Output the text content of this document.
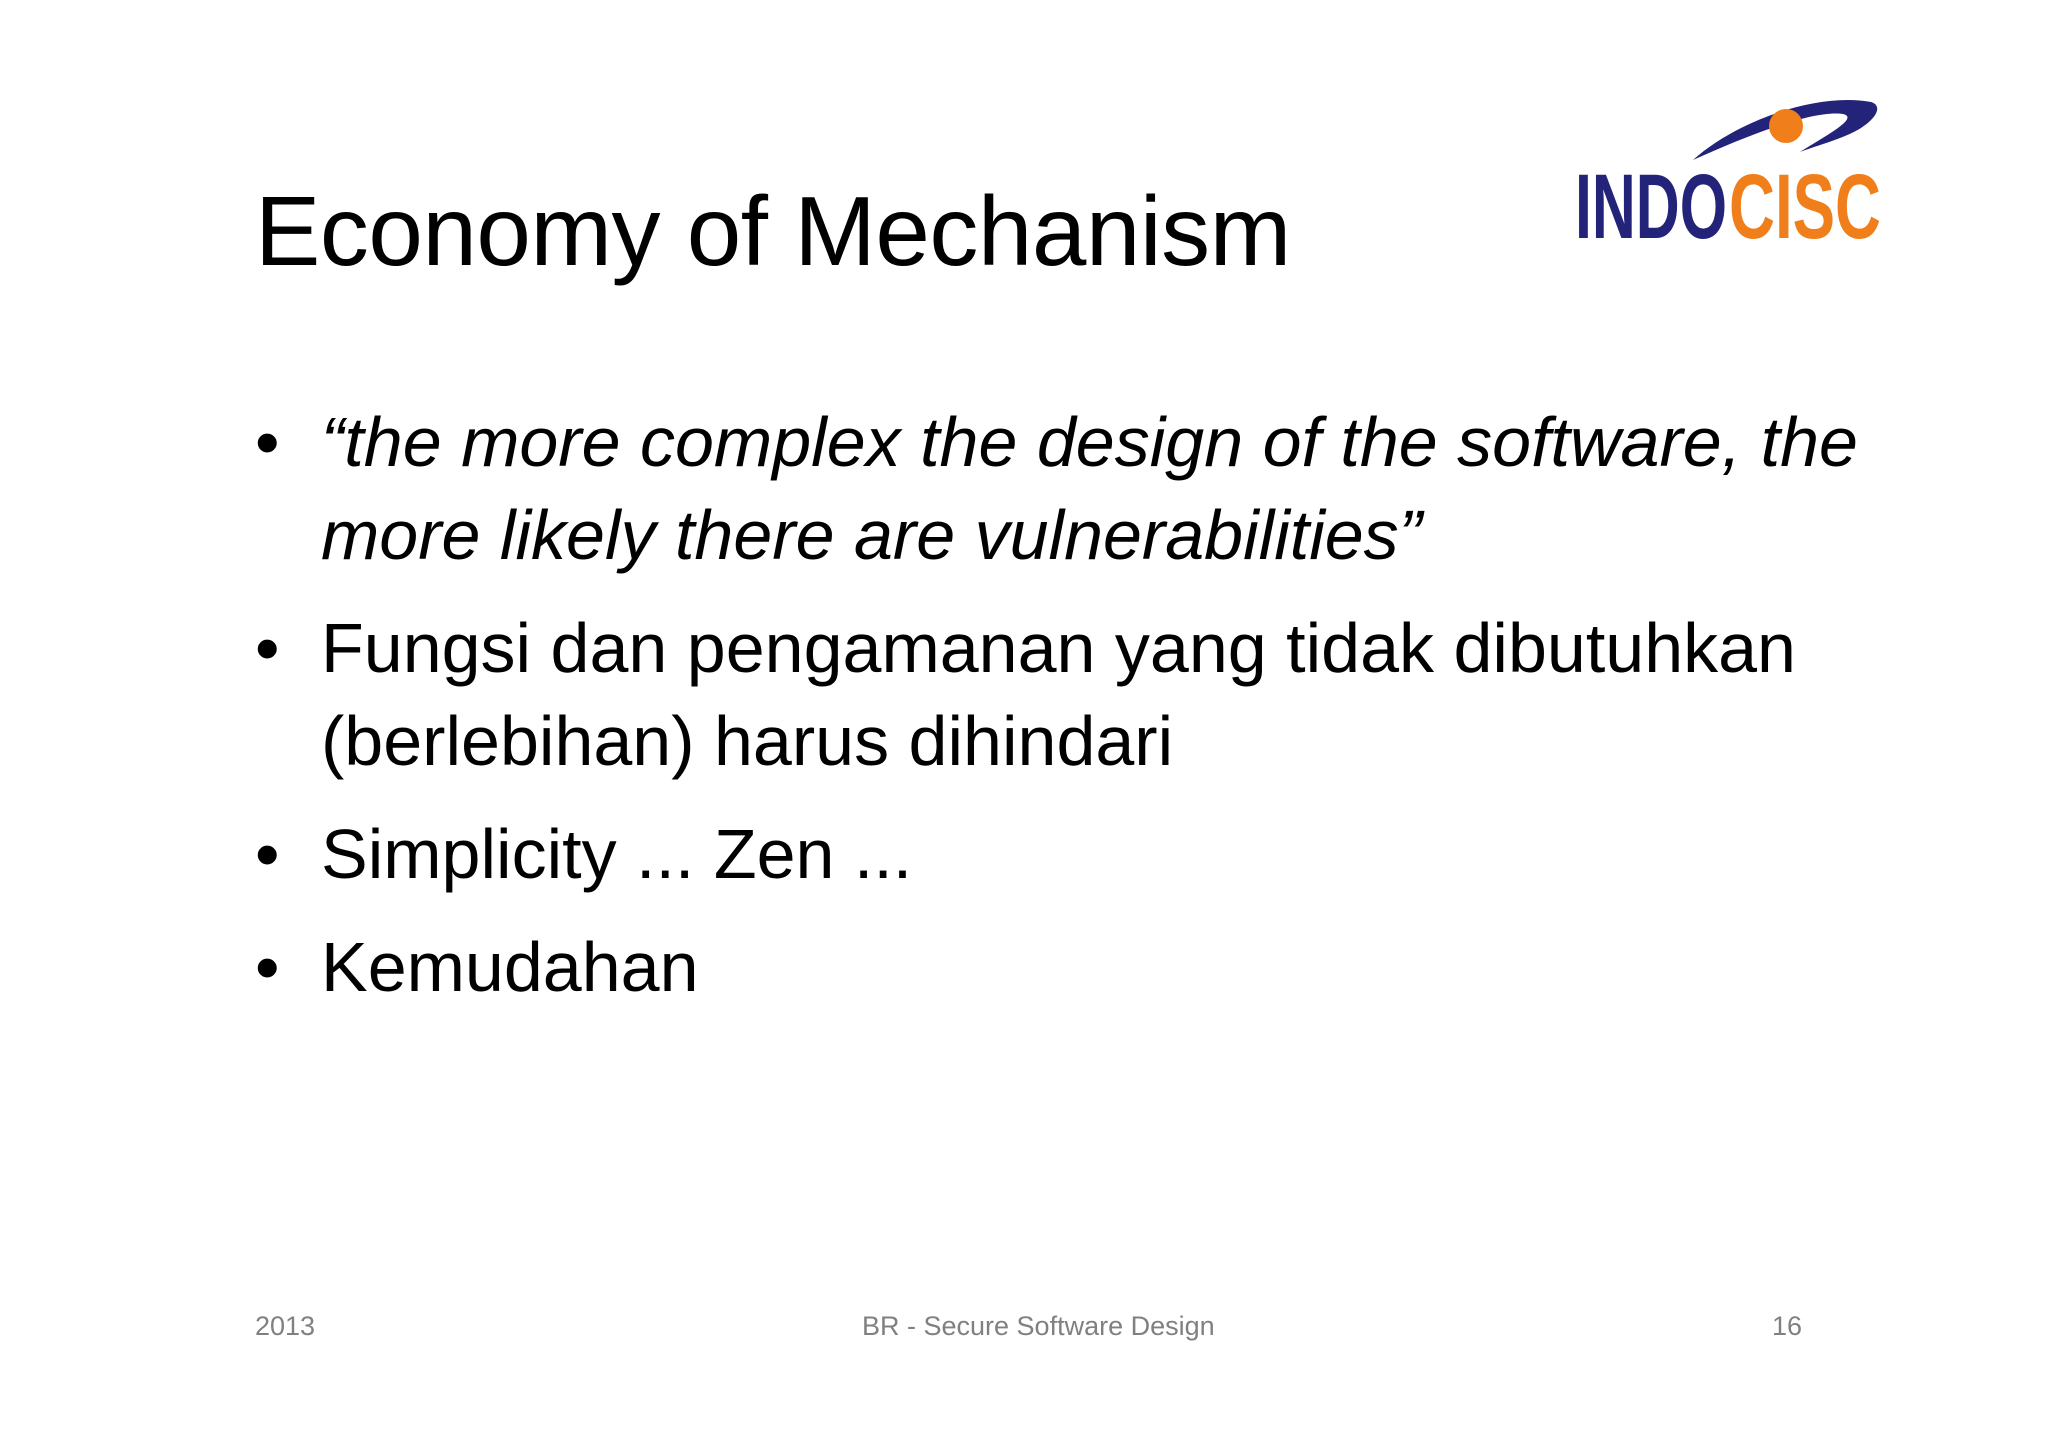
Economy of Mechanism	INDO CISC
• “the more complex the design of the software, the more likely there are vulnerabilities”
• Fungsi dan pengamanan yang tidak dibutuhkan (berlebihan) harus dihindari
• Simplicity ... Zen ...
• Kemudahan
2013	BR - Secure Software Design	16
